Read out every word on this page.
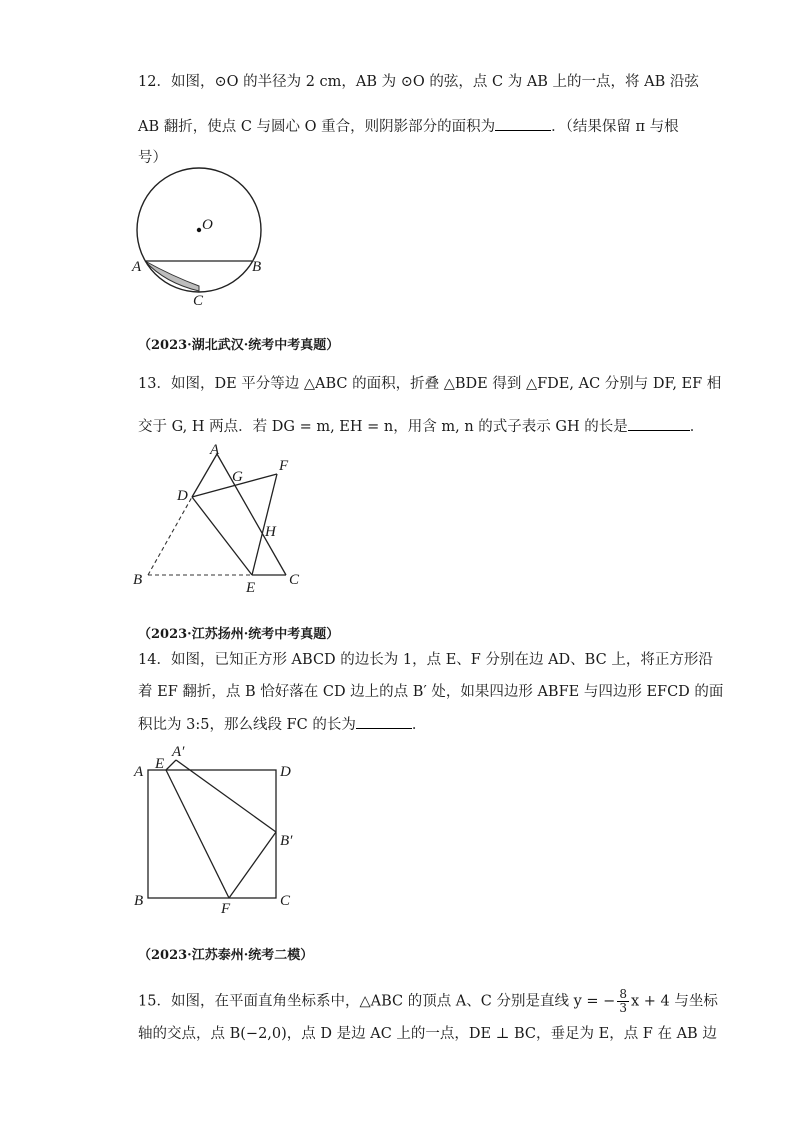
12．如图，⊙O 的半径为 2 cm，AB 为 ⊙O 的弦，点 C 为 AB 上的一点，将 AB 沿弦
AB 翻折，使点 C 与圆心 O 重合，则阴影部分的面积为	．（结果保留 π 与根
号）
O
A	B
C
（2023·湖北武汉·统考中考真题）
13．如图，DE 平分等边 △ABC 的面积，折叠 △BDE 得到 △FDE, AC 分别与 DF, EF 相
交于 G, H 两点．若 DG = m, EH = n，用含 m, n 的式子表示 GH 的长是	．
A
G
F
D
H
B	E C
（2023·江苏扬州·统考中考真题）
14．如图，已知正方形 ABCD 的边长为 1，点 E、F 分别在边 AD、BC 上，将正方形沿
着 EF 翻折，点 B 恰好落在 CD 边上的点 B′ 处，如果四边形 ABFE 与四边形 EFCD 的面
积比为 3:5，那么线段 FC 的长为	．
A′
A E	D
B′
B	F	C
（2023·江苏泰州·统考二模）
15．如图，在平面直角坐标系中，△ABC 的顶点 A、C 分别是直线 y = − $\frac{8}{3}$ x + 4 与坐标
轴的交点，点 B(−2,0)，点 D 是边 AC 上的一点，DE ⊥ BC，垂足为 E，点 F 在 AB 边
